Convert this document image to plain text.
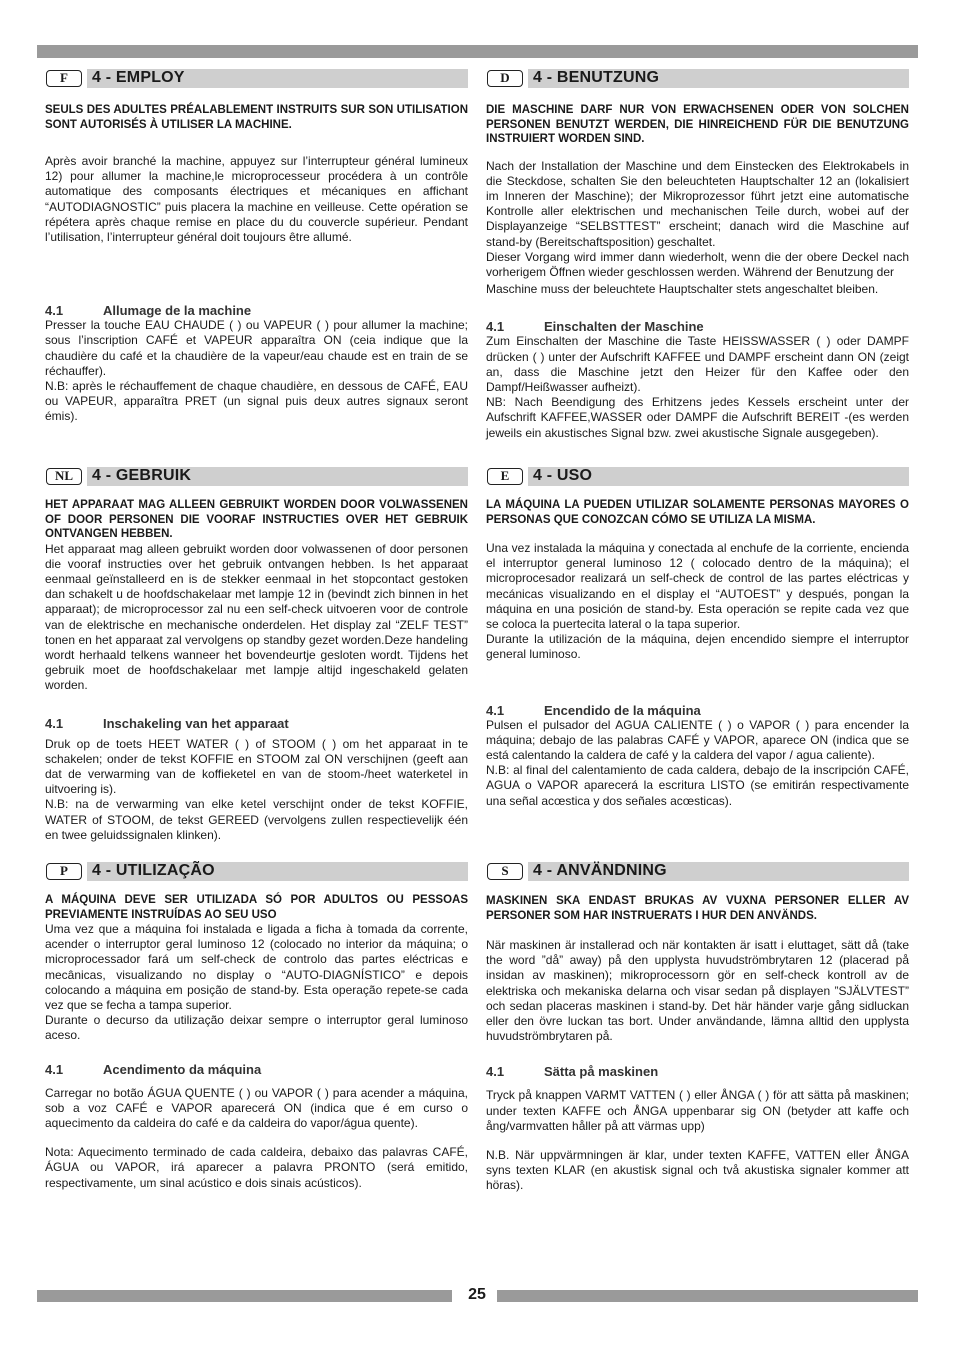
F	4 - EMPLOY

SEULS DES ADULTES PRÉALABLEMENT INSTRUITS SUR SON UTILISATION SONT AUTORISÉS À UTILISER LA MACHINE.

Après avoir branché la machine, appuyez sur l’interrupteur général lumineux 12) pour allumer la machine,le microprocesseur procédera à un contrôle automatique des composants électriques et mécaniques en affichant “AUTODIAGNOSTIC” puis placera la machine en veilleuse. Cette opération se répétera après chaque remise en place du du couvercle supérieur. Pendant l’utilisation, l’interrupteur général doit toujours être allumé.

4.1	Allumage de la machine

Presser la touche EAU CHAUDE ( ) ou VAPEUR ( ) pour allumer la machine; sous l’inscription CAFÉ et VAPEUR apparaîtra ON (ceia indique que la chaudière du café et la chaudière de la vapeur/eau chaude est en train de se réchauffer).

N.B: après le réchauffement de chaque chaudière, en dessous de CAFÉ, EAU ou VAPEUR, apparaîtra PRET (un signal puis deux autres signaux seront émis).

D	4 - BENUTZUNG

DIE MASCHINE DARF NUR VON ERWACHSENEN ODER VON SOLCHEN PERSONEN BENUTZT WERDEN, DIE HINREICHEND FÜR DIE BENUTZUNG INSTRUIERT WORDEN SIND.

Nach der Installation der Maschine und dem Einstecken des Elektrokabels in die Steckdose, schalten Sie den beleuchteten Hauptschalter 12 an (lokalisiert im Inneren der Maschine); der Mikroprozessor führt jetzt eine automatische Kontrolle aller elektrischen und mechanischen Teile durch, wobei auf der Displayanzeige “SELBSTTEST” erscheint; danach wird die Maschine auf stand-by (Bereitschaftsposition) geschaltet.

Dieser Vorgang wird immer dann wiederholt, wenn die der obere Deckel nach vorherigem Öffnen wieder geschlossen werden. Während der Benutzung der

Maschine muss der beleuchtete Hauptschalter stets angeschaltet bleiben.

4.1	Einschalten der Maschine

Zum Einschalten der Maschine die Taste HEISSWASSER ( ) oder DAMPF drücken ( ) unter der Aufschrift KAFFEE und DAMPF erscheint dann ON (zeigt an, dass die Maschine jetzt den Heizer für den Kaffee oder den Dampf/Heißwasser aufheizt).

NB: Nach Beendigung des Erhitzens jedes Kessels erscheint unter der Aufschrift KAFFEE,WASSER oder DAMPF die Aufschrift BEREIT -(es werden jeweils ein akustisches Signal bzw. zwei akustische Signale ausgegeben).

NL	4 - GEBRUIK

HET APPARAAT MAG ALLEEN GEBRUIKT WORDEN DOOR VOLWASSENEN OF DOOR PERSONEN DIE VOORAF INSTRUCTIES OVER HET GEBRUIK ONTVANGEN HEBBEN.

Het apparaat mag alleen gebruikt worden door volwassenen of door personen die vooraf instructies over het gebruik ontvangen hebben. Is het apparaat eenmaal geïnstalleerd en is de stekker eenmaal in het stopcontact gestoken dan schakelt u de hoofdschakelaar met lampje 12 in (bevindt zich binnen in het apparaat); de microprocessor zal nu een self-check uitvoeren voor de controle van de elektrische en mechanische onderdelen. Het display zal “ZELF TEST” tonen en het apparaat zal vervolgens op standby gezet worden.Deze handeling wordt herhaald telkens wanneer het bovendeurtje gesloten wordt. Tijdens het gebruik moet de hoofdschakelaar met lampje altijd ingeschakeld gelaten worden.

4.1	Inschakeling van het apparaat

Druk op de toets HEET WATER ( ) of STOOM ( ) om het apparaat in te schakelen; onder de tekst KOFFIE en STOOM zal ON verschijnen (geeft aan dat de verwarming van de koffieketel en van de stoom-/heet waterketel in uitvoering is).

N.B: na de verwarming van elke ketel verschijnt onder de tekst KOFFIE, WATER of STOOM, de tekst GEREED (vervolgens zullen respectievelijk één en twee geluidssignalen klinken).

E	4 - USO

LA MÁQUINA LA PUEDEN UTILIZAR SOLAMENTE PERSONAS MAYORES O PERSONAS QUE CONOZCAN CÓMO SE UTILIZA LA MISMA.

Una vez instalada la máquina y conectada al enchufe de la corriente, encienda el interruptor general luminoso 12 ( colocado dentro de la máquina); el microprocesador realizará un self-check de control de las partes eléctricas y mecánicas visualizando en el display el “AUTOEST” y después, pongan la máquina en una posición de stand-by. Esta operación se repite cada vez que se coloca la puertecita lateral o la tapa superior.

Durante la utilización de la máquina, dejen encendido siempre el interruptor general luminoso.

4.1	Encendido de la máquina

Pulsen el pulsador del AGUA CALIENTE ( ) o VAPOR ( ) para encender la máquina; debajo de las palabras CAFÉ y VAPOR, aparece ON (indica que se está calentando la caldera de café y la caldera del vapor / agua caliente).

N.B: al final del calentamiento de cada caldera, debajo de la inscripción CAFÉ, AGUA o VAPOR aparecerá la escritura LISTO (se emitirán respectivamente una señal acœstica y dos señales acœsticas).

P	4 - UTILIZAÇÃO

A MÁQUINA DEVE SER UTILIZADA SÓ POR ADULTOS OU PESSOAS PREVIAMENTE INSTRUÍDAS AO SEU USO

Uma vez que a máquina foi instalada e ligada a ficha à tomada da corrente, acender o interruptor geral luminoso 12 (colocado no interior da máquina; o microprocessador fará um self-check de controlo das partes eléctricas e mecânicas, visualizando no display o “AUTO-DIAGNÍSTICO” e depois colocando a máquina em posição de stand-by. Esta operação repete-se cada vez que se fecha a tampa superior.

Durante o decurso da utilização deixar sempre o interruptor geral luminoso aceso.

4.1	Acendimento da máquina

Carregar no botão ÁGUA QUENTE ( ) ou VAPOR ( ) para acender a máquina, sob a voz CAFÉ e VAPOR aparecerá ON (indica que é em curso o aquecimento da caldeira do café e da caldeira do vapor/água quente).

Nota: Aquecimento terminado de cada caldeira, debaixo das palavras CAFÉ, ÁGUA ou VAPOR, irá aparecer a palavra PRONTO (será emitido, respectivamente, um sinal acústico e dois sinais acústicos).

S	4 - ANVÄNDNING

MASKINEN SKA ENDAST BRUKAS AV VUXNA PERSONER ELLER AV PERSONER SOM HAR INSTRUERATS I HUR DEN ANVÄNDS.

När maskinen är installerad och när kontakten är isatt i eluttaget, sätt då (take the word ”då” away) på den upplysta huvudströmbrytaren 12 (placerad på insidan av maskinen); mikroprocessorn gör en self-check kontroll av de elektriska och mekaniska delarna och visar sedan på displayen ”SJÄLVTEST” och sedan placeras maskinen i stand-by. Det här händer varje gång sidluckan eller den övre luckan tas bort. Under användande, lämna alltid den upplysta huvudströmbrytaren på.

4.1	Sätta på maskinen

Tryck på knappen VARMT VATTEN ( ) eller ÅNGA ( ) för att sätta på maskinen; under texten KAFFE och ÅNGA uppenbarar sig ON (betyder att kaffe och ång/varmvatten håller på att värmas upp)

N.B. När uppvärmningen är klar, under texten KAFFE, VATTEN eller ÅNGA syns texten KLAR (en akustisk signal och två akustiska signaler kommer att höras).

25
